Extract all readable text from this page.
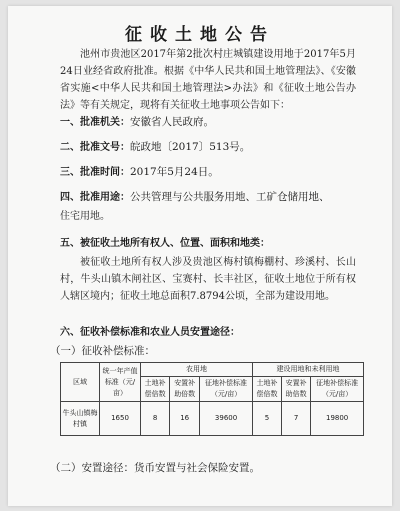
征收土地公告
池州市贵池区2017年第2批次村庄城镇建设用地于2017年5月24日业经省政府批准。根据《中华人民共和国土地管理法》、《安徽省实施<中华人民共和国土地管理法>办法》和《征收土地公告办法》等有关规定，现将有关征收土地事项公告如下：
一、批准机关：安徽省人民政府。
二、批准文号：皖政地〔2017〕513号。
三、批准时间：2017年5月24日。
四、批准用途：公共管理与公共服务用地、工矿仓储用地、
住宅用地。
五、被征收土地所有权人、位置、面积和地类：
被征收土地所有权人涉及贵池区梅村镇梅棚村、珍溪村、长山村，牛头山镇木闸社区、宝赛村、长丰社区，征收土地位于所有权人辖区境内；征收土地总面积7.8794公顷，全部为建设用地。
六、征收补偿标准和农业人员安置途径：
（一）征收补偿标准：
区域	统一年产值标准（元/亩）	农用地			建设用地和未利用地		
		土地补偿倍数	安置补助倍数	征地补偿标准（元/亩）	土地补偿倍数	安置补助倍数	征地补偿标准（元/亩）
牛头山镇梅村镇	1650	8	16	39600	5	7	19800
（二）安置途径：货币安置与社会保险安置。
